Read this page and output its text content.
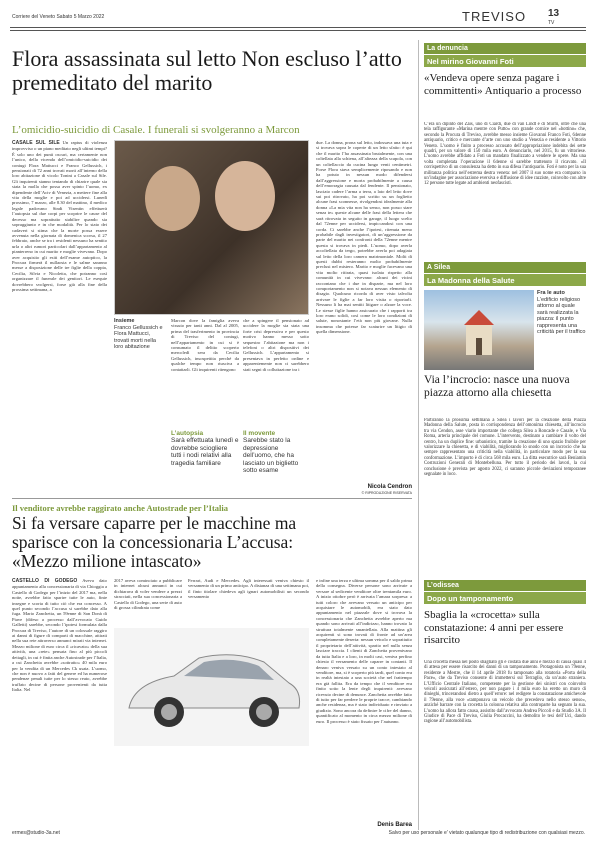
Corriere del Veneto Sabato 5 Marzo 2022	TREVISO 13
TV
Flora assassinata sul letto Non escluso l’atto premeditato del marito
L’omicidio-suicidio di Casale. I funerali si svolgeranno a Marcon
CASALE SUL SILE Un raptus di violenza improvviso o un piano meditato negli ultimi tempi? È solo uno dei punti oscuri, ma certamente non l’unico, della vicenda dell’omicidio-suicidio dei coniugi Flora Mattucci e Franco Gellussich, i pensionati di 72 anni trovati morti all’interno della loro abitazione di vicolo Tonini a Casale sul Sile. Gli inquirenti stanno tentando di chiarire quale sia stata la molla che possa aver spinto l’uomo, ex dipendente dell’Actv di Venezia, a mettere fine alla vita della moglie e poi ad uccidersi. Lunedì prossimo, 7 marzo, alle 8.30 del mattino, il medico legale padovano Sindi Visentin effettuerà l’autopsia sul due corpi per scoprire le cause del decesso ma soprattutto stabilire quando sia sopraggiunto e in che modalità. Per lo stato dei cadaveri si stima che la morte possa essere avvenuta nella giornata di domenica scorsa, il 27 febbraio, anche se tra i residenti nessuno ha sentito urla o altri rumori particolari dall’appartamento al pianterreno in cui marito e moglie vivevano. Dopo aver acquisito gli esiti dell’esame autoptico, la Procura firmerà il nullaosta e le salme saranno messe a disposizione delle tre figlie della coppia, Cecilia, Silvia e Nicoletta, che potranno così organizzare il funerale dei genitori. Le esequie dovrebbero svolgersi, forse già alla fine della prossima settimana, a
Insieme
Franco Gellussich e Flora Mattucci, trovati morti nella loro abitazione
Marcon dove la famiglia aveva vissuto per tanti anni. Dal al 2005, prima del trasferimento in provincia di Treviso del coniugi, nell’appartamento in cui si è consumato il delitto scoperto mercoledì sera da Cecilia Gellussich, insospettita perché da qualche tempo non riusciva a contattarli. Gli inquirenti ritengono
che a spingere il pensionato ad uccidere la moglie sia stata una forte crisi depressiva e per questo motivo hanno messo sotto sequestro l’abitazione ma non i telefoni o altri dispositivi dei Gellussich. L’appartamento si presentava in perfetto ordine e apparentemente non ci sarebbero stati segni di colluttazione tra i
L’autopsia
Sarà effettuata lunedì e dovrebbe sciogliere tutti i nodi relativi alla tragedia familiare
Il movente
Sarebbe stato la depressione dell’uomo, che ha lasciato un biglietto sotto esame
due. La donna, prona sul letto, indossava una tuta e si trovava sopra le coperte di un letto sfatto: è qui che il marito l’ha assassinata brutalmente, con una coltellata alla schiena, all’altezza della scapola, con un coltellaccio da cucina lungo venti centimetri. Forse Flora stava semplicemente riposando e non ha potuto in nessun modo difendersi dall’aggressione e morta probabilmente a causa dell’emorragia causata dal fendente. Il pensionato, lasciato cadere l’arma a terra, a lato del letto dove sui poi ritrovato, ha poi scritto su un foglietto alcune frasi sconnesse, rivolgendosi idealmente alla donna «La mia vita non ha senso, non posso stare senza te» queste alcune delle frasi della lettera che sarà ritrovata in seguito in garage, il luogo scelto dal 72enne per uccidersi, impiccandosi con una corda. Ci sarebbe anche l’ipotesi, ritenuta meno probabile dagli investigatori, di un’aggressione da parte del marito nei confronti della 72enne mentre questa si trovava in piedi. L’uomo, dopo averla accoltellata da tergo, potrebbe averla poi adagiata sul letto della loro camera matrimoniale. Molti di questi dubbi resteranno molto probabilmente preclusi nel mistero. Marito e moglie facevano una vita molto ritirata, quasi isolata rispetto alla comunità in cui vivevano: alcuni dei vicini raccontano che i due in disparte, ma nel loro comportamento non si notava nessun elemento di disagio. Qualcuno ricorda di aver visto talvolta arrivare le figlie a far loro visita o riportarli. Nessuno li ha mai sentiti litigare o alzare la voce. Le stesse figlie hanno assicurato che i rapporti tra loro erano solidi, così come le loro condizioni di salute, nonostante l’età non più giovane. Nulla insomma che potesse far scaturire un litigio di quella dimensione.
Nicola Cendron
© RIPRODUZIONE RISERVATA
Il venditore avrebbe raggirato anche Autostrade per l’Italia
Si fa versare caparre per le macchine ma sparisce con la concessionaria L’accusa: «Mezzo milione intascato»
CASTELLO DI GODEGO Aveva dato appuntamento alla concessionaria di via Chioggia a Castello di Godego per l’inizio del 2017 ma, nella notte, avrebbe fatto sparire tutte le auto, finte insegne e scorta di tutto ciò che era concesso. A quel punto secondo l’accusa si sarebbe dato alla fuga. Mario Zanchetta, un 59enne di San Donà di Piave (difeso a processo dall’avvocato Guido Galletti) sarebbe, secondo l’ipotesi formulata dalla Procura di Treviso, l’autore di un colossale raggiro ai danni di figure di comparti di macchine, attirati nella sua rete attraverso annunci mirati via internet. Mezzo milione di euro circa il «ricavato» della sua attività, una «rete» pensata fino al più piccoli dettagli, in cui è finita anche Autostrade per l’Italia, a cui Zanchetta avrebbe «sottratto» 40 mila euro per la vendita di un Mercedes Ck usata. L’uomo, che non è nuovo a fatti del genere ed ha numerose pendenze penali tutte per lo stesso reato, avrebbe truffato decine di persone provenienti da tutta Italia. Nel
2017 aveva cominciato a pubblicare in internet alcuni annunci in cui dichiarava di voler vendere a prezzi stracciati, nella sua concessionaria a Castello di Godego, una serie di auto di grossa cilindrata come
Ferrari, Audi e Mercedes. Agli interessati veniva chiesto il versamento di un primo anticipo. A distanza di una settimana poi, il finto titolare chiedeva agli ignari automobilisti un secondo versamento
e infine una terza e ultima somma per il saldo prima della consegna. Diverse persone sono arrivate a versare al sedicente venditore oltre trentamila euro. A inizio ottobre però è arrivata l’amara sorpresa: a tutti coloro che avevano versato un anticipo per acquistare le automobili, era stato dato appuntamento nel piazzale dove si trovava la concessionaria che Zanchetta avrebbe aperto ma quando sono arrivati all’indirizzo, hanno trovato la struttura totalmente smantellata. Alla mattina gli acquirenti si sono trovati di fronte ad un’area completamente deserta: nessun veicolo e soprattutto il proprietario dell’attività, sparito nel nulla senza lasciare traccia. I clienti di Zanchetta provenivano da tutta Italia e a loro, in molti casi, veniva perfino chiesto il versamento delle caparre in contanti. Il denaro veniva versato su un conto intestato al venditore, ma, si è scoperto più tardi, quel conto era in realtà intestato a una società che nel frattempo era già fallita. Era da tempo che il venditore era finito sotto la lente degli inquirenti: avevano ricevuto decine di denunce. Zanchetta avrebbe fatto di tutto per far perdere le proprie tracce, cambiando anche residenza, ma è stato individuato e rinviato a giudizio. Sono ancora da definire le cifre del danno, quantificato al momento in circa mezzo milione di euro. Il processo è stato fissato per l’autunno.
Denis Barea
La denuncia
Nel mirino Giovanni Foti
«Vendeva opere senza pagare i committenti» Antiquario a processo
C’era un dipinto del Zais, uno di Ciardi, due di van Lindt e di Sturm, oltre che una tela raffigurante «Marina mentre con Putto» con grande cornice nel «bottino» che, secondo la Procura di Treviso, avrebbe messo insieme Giovanni Franco Foti, 64enne antiquario, critico e mercante d’arte con uno studio a Venezia e residente a Vittorio Veneto. L’uomo è finito a processo accusato dell’appropriazione indebita dei sette quadri, per un valore di 150 mila euro. A denunciarlo, nel 2015, fu un vittoriese. L’uomo avrebbe affidato a Foti un mandato finalizzato a vendere le opere. Ma una volta completata l’operazione il 64enne si sarebbe trattenuto il ricavato. «Il corrispettivo di un consulenza ha detto in sua difesa l’antiquario. Foti è noto per la sua militanza politica nell’estrema destra veneta: nel 2007 il suo nome era comparso in un’indagine per associazione eversiva e diffusione di idee razziste, coinvolto con altre 12 persone tutte legate ad ambienti neofascisti.
A Silea
La Madonna della Salute
Fra le auto
L’edificio religioso attorno al quale sarà realizzata la piazza: il punto rappresenta una criticità per il traffico
Via l’incrocio: nasce una nuova piazza attorno alla chiesetta
Partiranno la prossima settimana a Silea i lavori per la creazione della Piazza Madonna della Salute, posta in corrispondenza dell’omonima chiesetta, all’incrocio tra via Cendon, asse viario importante che collega Silea a Roncade e Casale, e Via Roma, arteria principale del comune. L’intervento, destinato a cambiare il volto del centro, ha un duplice fine: urbanistico, tramite la creazione di uno spazio fruibile per valorizzare la chiesetta, e di viabilità, migliorando lo snodo con un incrocio che ha sempre rappresentato una criticità nella viabilità, in particolare modo per la sua conformazione. L’importo è di circa 568 mila euro. La ditta esecutrice sarà Beniamin Costruzioni Generali di Montebelluna. Per tutto il periodo dei lavori, la cui conclusione è prevista per agosto 2022, ci saranno piccole deviazioni temporanee segnalate in loco.
L’odissea
Dopo un tamponamento
Sbaglia la «crocetta» sulla constatazione: 4 anni per essere risarcito
Una crocetta messa nel posto sbagliato gli è costata due anni e mezzo di causa quasi 4 di attesa per essere risarcito dei danni di un tamponamento. Protagonista un 79enne, residente a Mestre, che il 14 aprile 2018 fu tamponato alla rotatoria «Porta della Pace», che da Treviso consente di immettersi sul Terraglio, da un’auto straniera. L’Ufficio Centrale Italiano, competente per la gestione dei sinistri con coinvolto veicoli assicurati all’estero, per non pagare i 4 mila euro ha eretto un muro di dinieghi, trincerandosi dietro a quell’errore: nel redigere la constatazione amichevole il 79enne, alla voce «tamponava un veicolo che precedeva nello stesso senso», anziché barrare con la crocetta la colonna relativa alla controparte ha segnato la sua. L’uomo ha allora fatto causa, assistito dall’avvocato Andrea Piccoli e da Studio 3A. Il Giudice di Pace di Treviso, Giulia Procaccini, ha demolito le tesi dell’Uci, dando ragione all’automobilista.
ermes@studio-3a.net	Salvo per uso personale e' vietato qualunque tipo di redistribuzione con qualsiasi mezzo.
